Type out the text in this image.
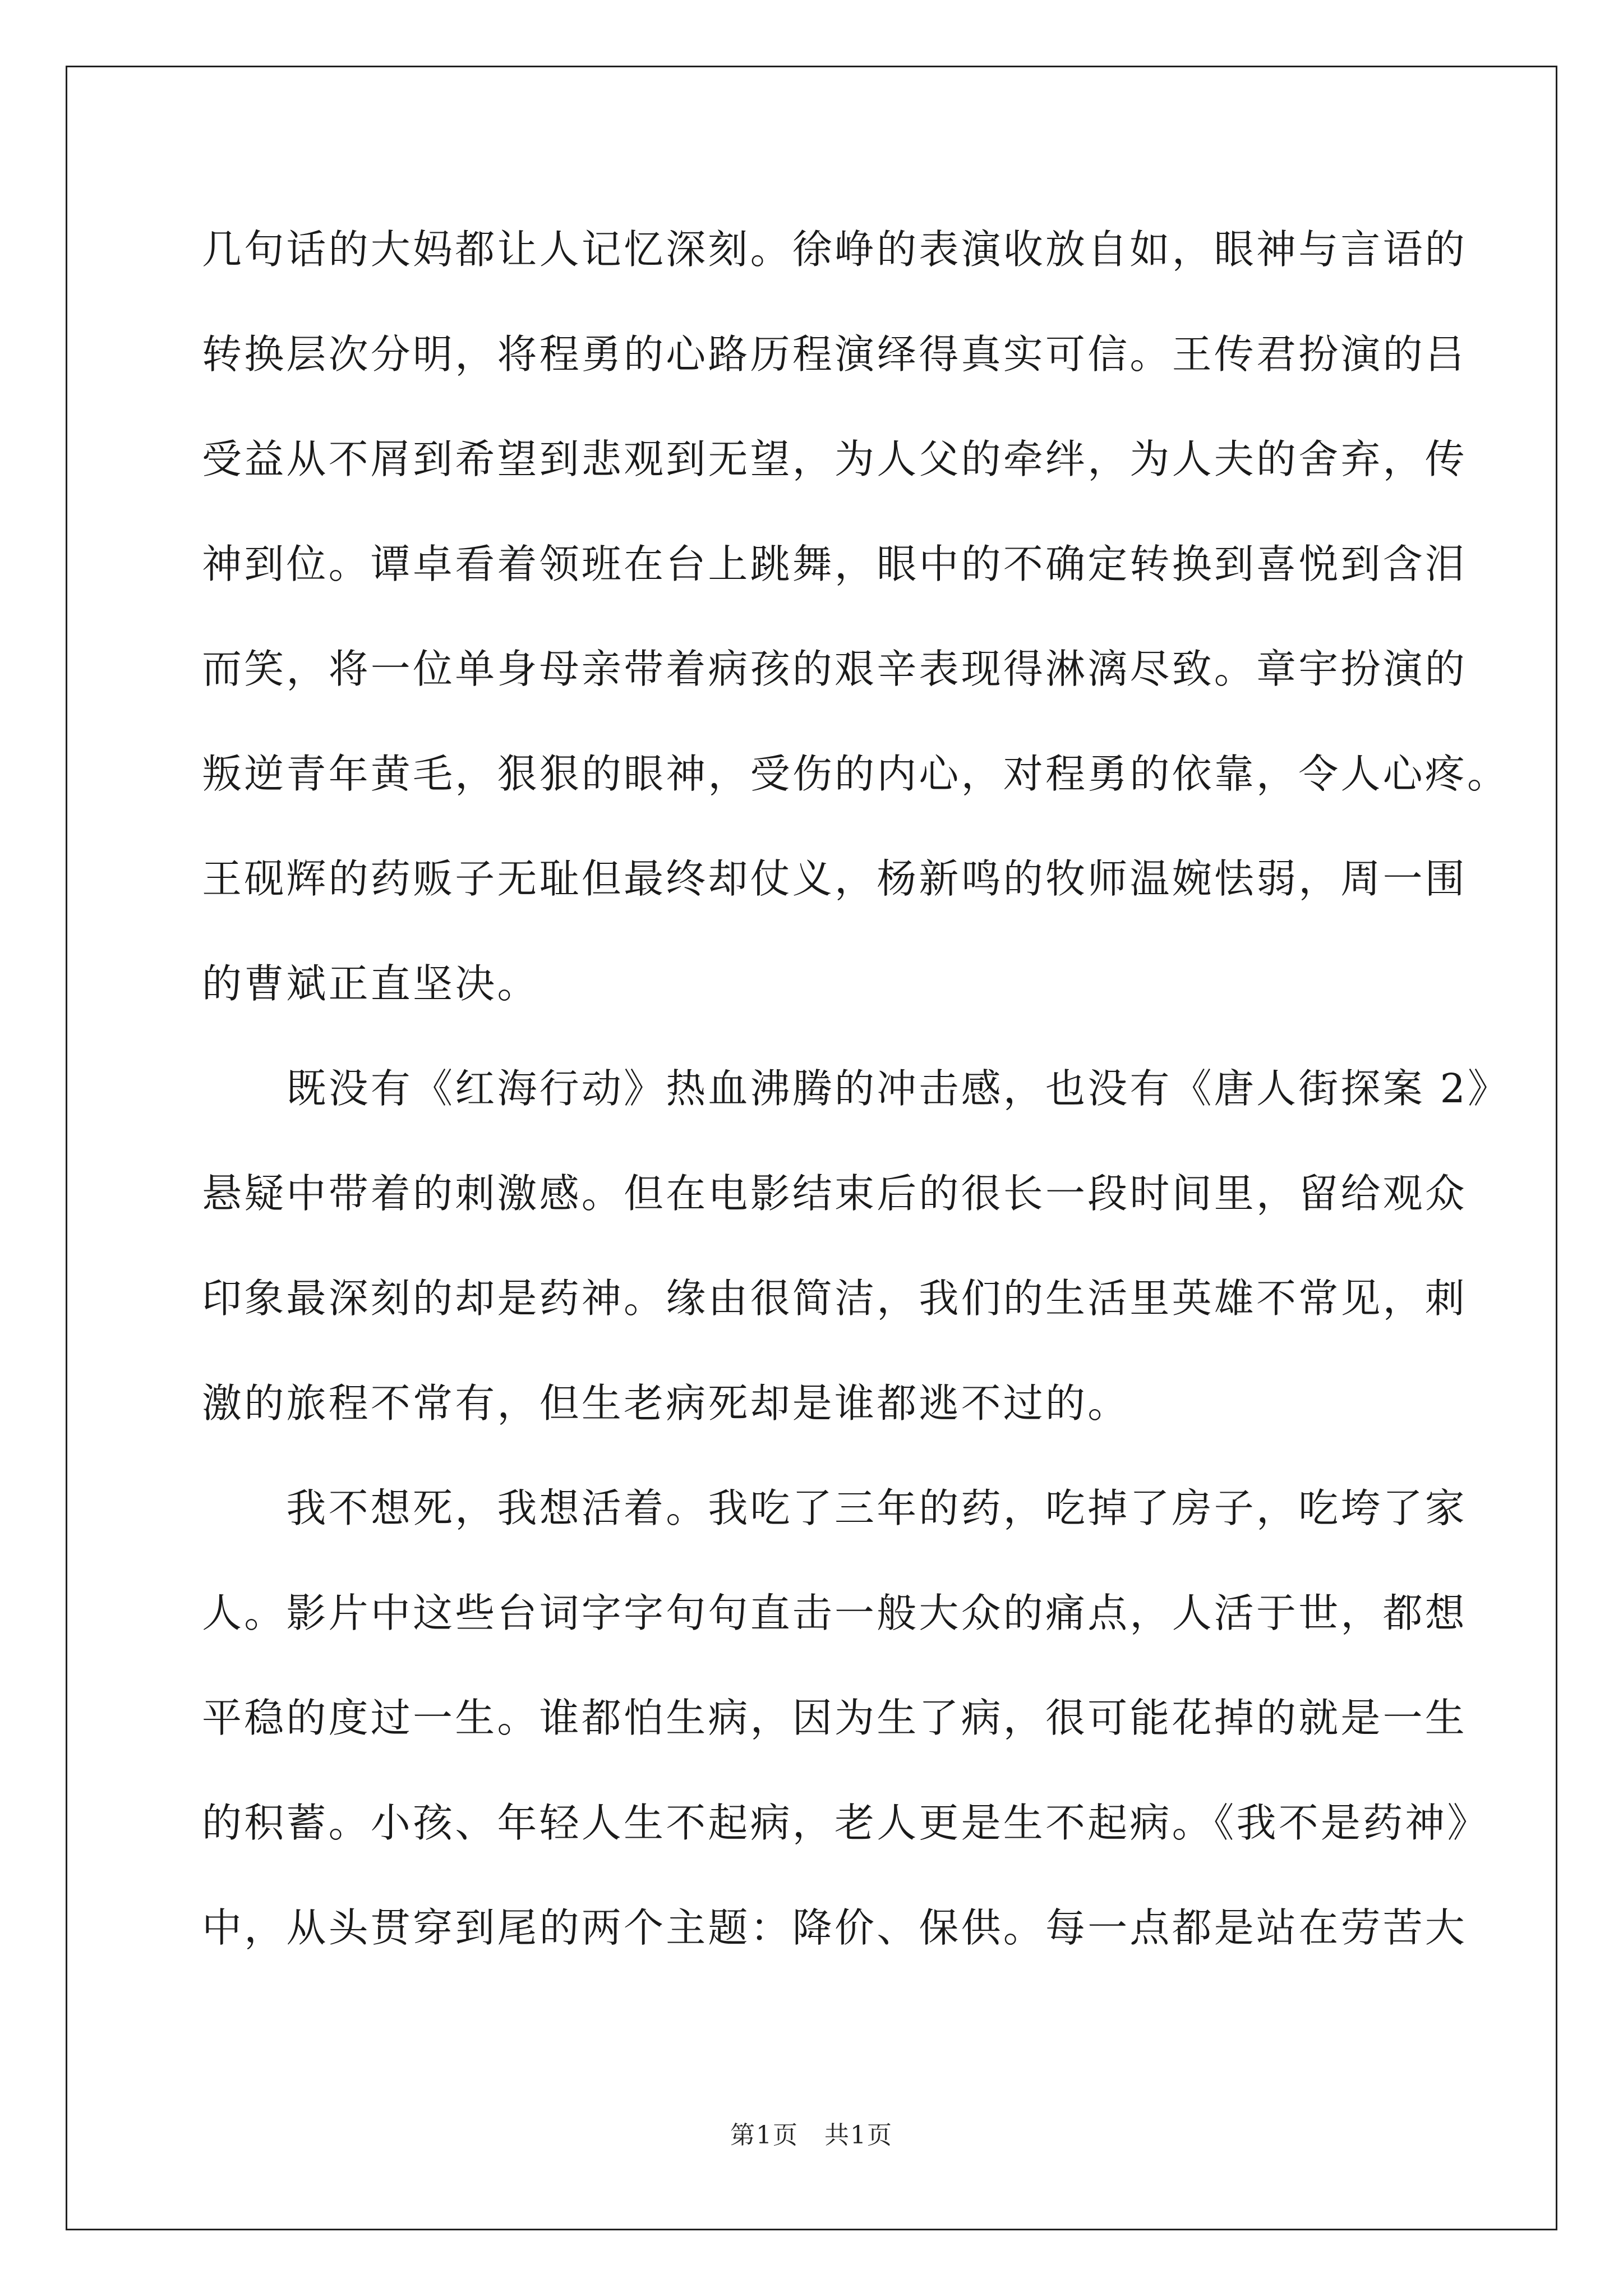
几句话的大妈都让人记忆深刻。徐峥的表演收放自如，眼神与言语的
转换层次分明，将程勇的心路历程演绎得真实可信。王传君扮演的吕
受益从不屑到希望到悲观到无望，为人父的牵绊，为人夫的舍弃，传
神到位。谭卓看着领班在台上跳舞，眼中的不确定转换到喜悦到含泪
而笑，将一位单身母亲带着病孩的艰辛表现得淋漓尽致。章宇扮演的
叛逆青年黄毛，狠狠的眼神，受伤的内心，对程勇的依靠，令人心疼。
王砚辉的药贩子无耻但最终却仗义，杨新鸣的牧师温婉怯弱，周一围
的曹斌正直坚决。
　　既没有《红海行动》热血沸腾的冲击感，也没有《唐人街探案 2》
悬疑中带着的刺激感。但在电影结束后的很长一段时间里，留给观众
印象最深刻的却是药神。缘由很简洁，我们的生活里英雄不常见，刺
激的旅程不常有，但生老病死却是谁都逃不过的。
　　我不想死，我想活着。我吃了三年的药，吃掉了房子，吃垮了家
人。影片中这些台词字字句句直击一般大众的痛点，人活于世，都想
平稳的度过一生。谁都怕生病，因为生了病，很可能花掉的就是一生
的积蓄。小孩、年轻人生不起病，老人更是生不起病。《我不是药神》
中，从头贯穿到尾的两个主题：降价、保供。每一点都是站在劳苦大
第1页　共1页
